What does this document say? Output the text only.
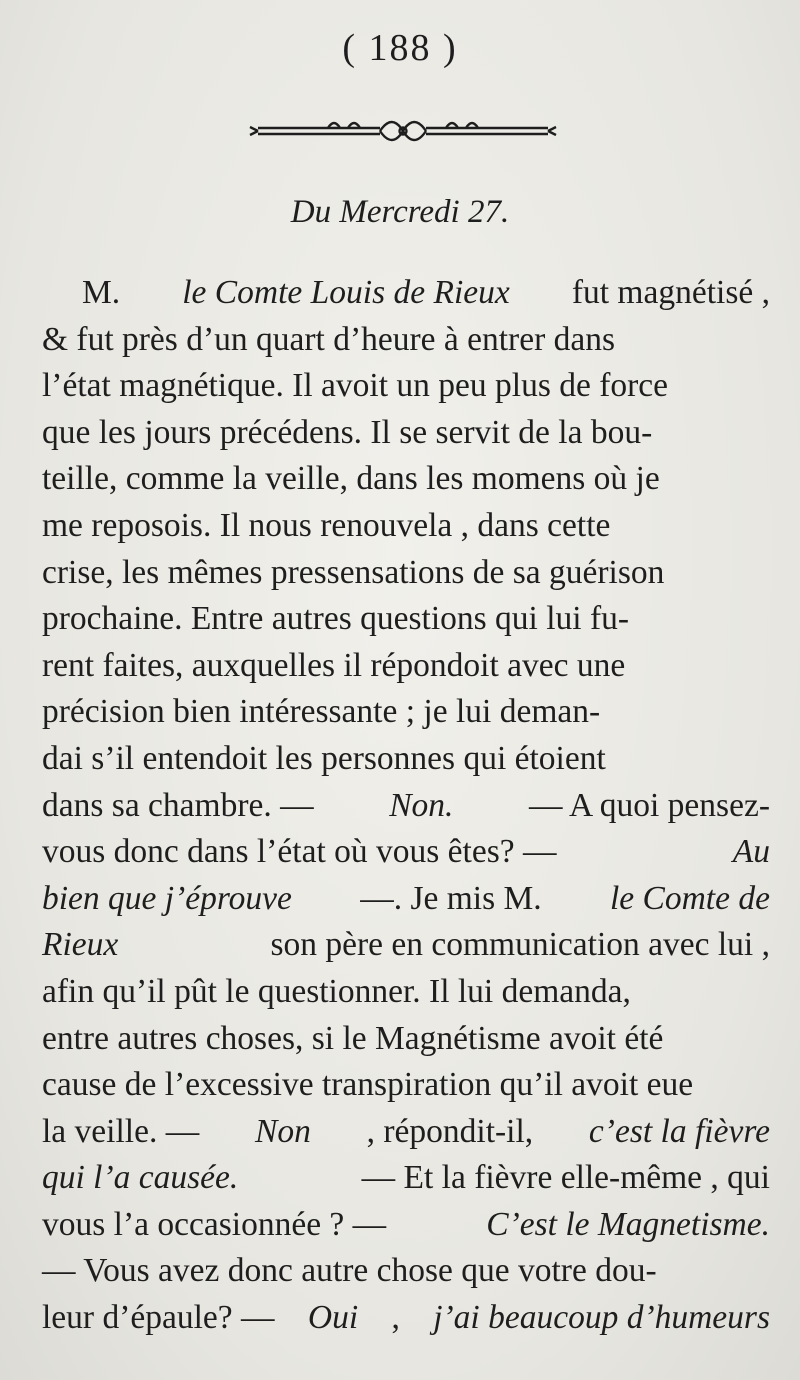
( 188 )
Du Mercredi 27.
M. le Comte Louis de Rieux fut magnétisé ,
& fut près d’un quart d’heure à entrer dans
l’état magnétique. Il avoit un peu plus de force
que les jours précédens. Il se servit de la bou-
teille, comme la veille, dans les momens où je
me reposois. Il nous renouvela , dans cette
crise, les mêmes pressensations de sa guérison
prochaine. Entre autres questions qui lui fu-
rent faites, auxquelles il répondoit avec une
précision bien intéressante ; je lui deman-
dai s’il entendoit les personnes qui étoient
dans sa chambre. — Non. — A quoi pensez-
vous donc dans l’état où vous êtes? —	Au
bien que j’éprouve —. Je mis M. le Comte de
Rieux	son père en communication avec lui ,
afin qu’il pût le questionner. Il lui demanda,
entre autres choses, si le Magnétisme avoit été
cause de l’excessive transpiration qu’il avoit eue
la veille. — Non , répondit-il, c’est la fièvre
qui l’a causée.	— Et la fièvre elle-même , qui
vous l’a occasionnée ? —	C’est le Magnetisme.
— Vous avez donc autre chose que votre dou-
leur d’épaule? — Oui , j’ai beaucoup d’humeurs
